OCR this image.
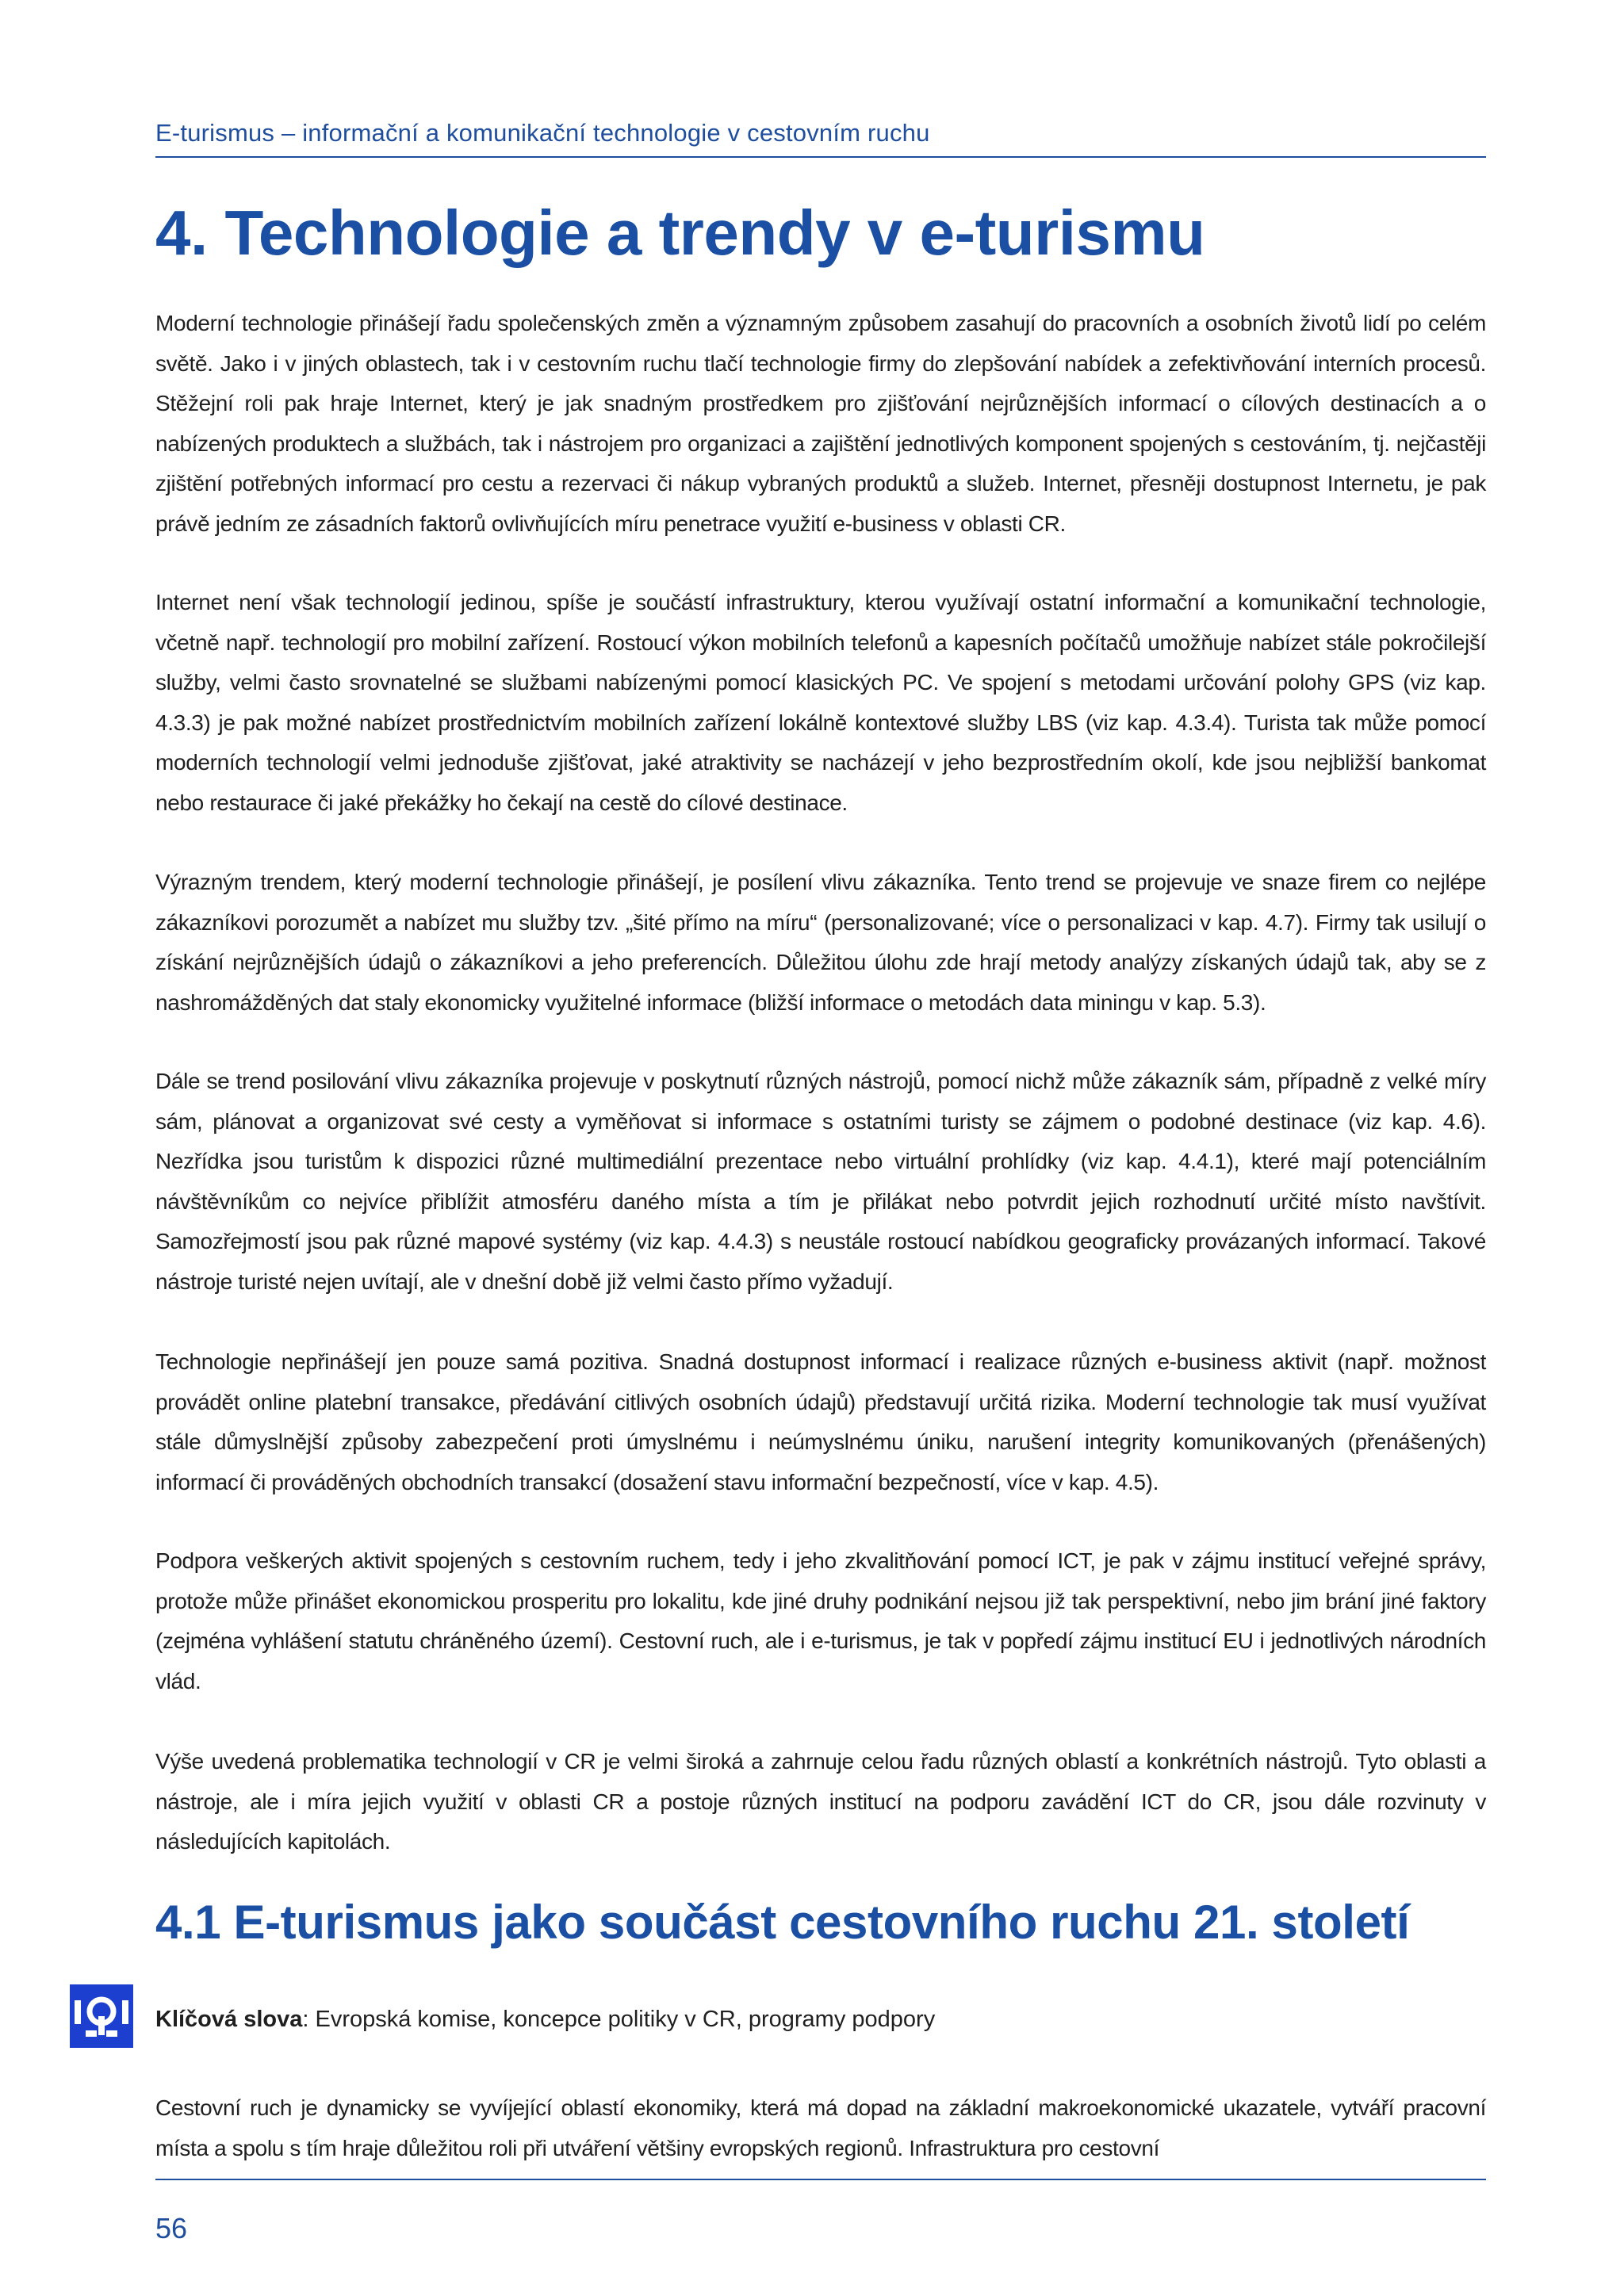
E-turismus – informační a komunikační technologie v cestovním ruchu
4. Technologie a trendy v e-turismu

Moderní technologie přinášejí řadu společenských změn a významným způsobem zasahují do pracovních a osobních životů lidí po celém světě. Jako i v jiných oblastech, tak i v cestovním ruchu tlačí technologie firmy do zlepšování nabídek a zefektivňování interních procesů. Stěžejní roli pak hraje Internet, který je jak snadným prostředkem pro zjišťování nejrůznějších informací o cílových destinacích a o nabízených produktech a službách, tak i nástrojem pro organizaci a zajištění jednotlivých komponent spojených s cestováním, tj. nejčastěji zjištění potřebných informací pro cestu a rezervaci či nákup vybraných produktů a služeb. Internet, přesněji dostupnost Internetu, je pak právě jedním ze zásadních faktorů ovlivňujících míru penetrace využití e-business v oblasti CR.

Internet není však technologií jedinou, spíše je součástí infrastruktury, kterou využívají ostatní informační a komunikační technologie, včetně např. technologií pro mobilní zařízení. Rostoucí výkon mobilních telefonů a kapesních počítačů umožňuje nabízet stále pokročilejší služby, velmi často srovnatelné se službami nabízenými pomocí klasických PC. Ve spojení s metodami určování polohy GPS (viz kap. 4.3.3) je pak možné nabízet prostřednictvím mobilních zařízení lokálně kontextové služby LBS (viz kap. 4.3.4). Turista tak může pomocí moderních technologií velmi jednoduše zjišťovat, jaké atraktivity se nacházejí v jeho bezprostředním okolí, kde jsou nejbližší bankomat nebo restaurace či jaké překážky ho čekají na cestě do cílové destinace.

Výrazným trendem, který moderní technologie přinášejí, je posílení vlivu zákazníka. Tento trend se projevuje ve snaze firem co nejlépe zákazníkovi porozumět a nabízet mu služby tzv. „šité přímo na míru“ (personalizované; více o personalizaci v kap. 4.7). Firmy tak usilují o získání nejrůznějších údajů o zákazníkovi a jeho preferencích. Důležitou úlohu zde hrají metody analýzy získaných údajů tak, aby se z nashromážděných dat staly ekonomicky využitelné informace (bližší informace o metodách data miningu v kap. 5.3).

Dále se trend posilování vlivu zákazníka projevuje v poskytnutí různých nástrojů, pomocí nichž může zákazník sám, případně z velké míry sám, plánovat a organizovat své cesty a vyměňovat si informace s ostatními turisty se zájmem o podobné destinace (viz kap. 4.6). Nezřídka jsou turistům k dispozici různé multimediální prezentace nebo virtuální prohlídky (viz kap. 4.4.1), které mají potenciálním návštěvníkům co nejvíce přiblížit atmosféru daného místa a tím je přilákat nebo potvrdit jejich rozhodnutí určité místo navštívit. Samozřejmostí jsou pak různé mapové systémy (viz kap. 4.4.3) s neustále rostoucí nabídkou geograficky provázaných informací. Takové nástroje turisté nejen uvítají, ale v dnešní době již velmi často přímo vyžadují.

Technologie nepřinášejí jen pouze samá pozitiva. Snadná dostupnost informací i realizace různých e-business aktivit (např. možnost provádět online platební transakce, předávání citlivých osobních údajů) představují určitá rizika. Moderní technologie tak musí využívat stále důmyslnější způsoby zabezpečení proti úmyslnému i neúmyslnému úniku, narušení integrity komunikovaných (přenášených) informací či prováděných obchodních transakcí (dosažení stavu informační bezpečností, více v kap. 4.5).

Podpora veškerých aktivit spojených s cestovním ruchem, tedy i jeho zkvalitňování pomocí ICT, je pak v zájmu institucí veřejné správy, protože může přinášet ekonomickou prosperitu pro lokalitu, kde jiné druhy podnikání nejsou již tak perspektivní, nebo jim brání jiné faktory (zejména vyhlášení statutu chráněného území). Cestovní ruch, ale i e-turismus, je tak v popředí zájmu institucí EU i jednotlivých národních vlád.

Výše uvedená problematika technologií v CR je velmi široká a zahrnuje celou řadu různých oblastí a konkrétních nástrojů. Tyto oblasti a nástroje, ale i míra jejich využití v oblasti CR a postoje různých institucí na podporu zavádění ICT do CR, jsou dále rozvinuty v následujících kapitolách.

4.1 E-turismus jako součást cestovního ruchu 21. století
Klíčová slova: Evropská komise, koncepce politiky v CR, programy podpory

Cestovní ruch je dynamicky se vyvíjející oblastí ekonomiky, která má dopad na základní makroekonomické ukazatele, vytváří pracovní místa a spolu s tím hraje důležitou roli při utváření většiny evropských regionů. Infrastruktura pro cestovní

56
